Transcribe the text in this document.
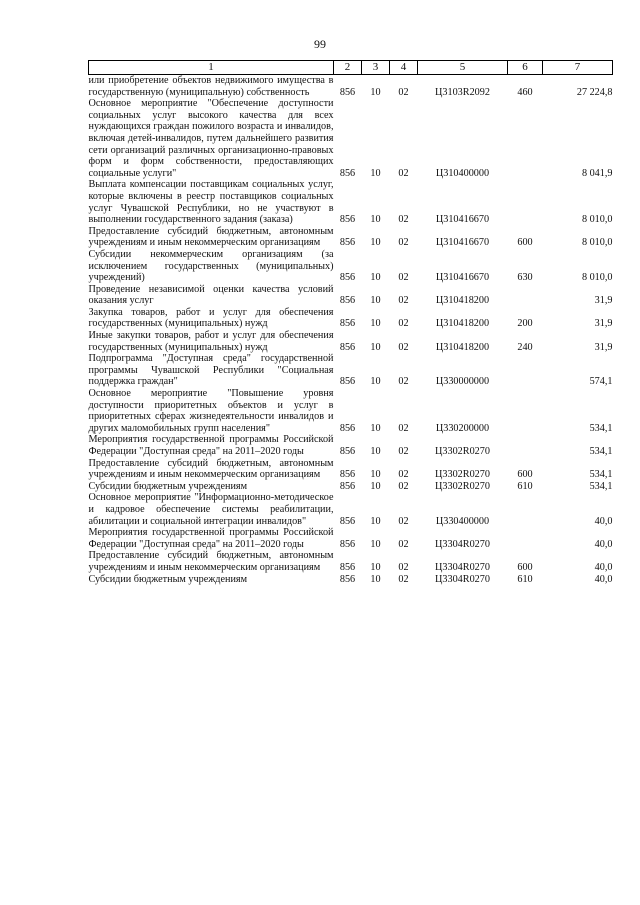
99
1	2	3	4	5	6	7
или приобретение объектов недвижимого имущества в государственную (муниципальную) собственность	856	10	02	Ц3103R2092	460	27 224,8
Основное мероприятие "Обеспечение доступности социальных услуг высокого качества для всех нуждающихся граждан пожилого возраста и инвалидов, включая детей-инвалидов, путем дальнейшего развития сети организаций различных организационно-правовых форм и форм собственности, предоставляющих социальные услуги"	856	10	02	Ц310400000		8 041,9
Выплата компенсации поставщикам социальных услуг, которые включены в реестр поставщиков социальных услуг Чувашской Республики, но не участвуют в выполнении государственного задания (заказа)	856	10	02	Ц310416670		8 010,0
Предоставление субсидий бюджетным, автономным учреждениям и иным некоммерческим организациям	856	10	02	Ц310416670	600	8 010,0
Субсидии некоммерческим организациям (за исключением государственных (муниципальных) учреждений)	856	10	02	Ц310416670	630	8 010,0
Проведение независимой оценки качества условий оказания услуг	856	10	02	Ц310418200		31,9
Закупка товаров, работ и услуг для обеспечения государственных (муниципальных) нужд	856	10	02	Ц310418200	200	31,9
Иные закупки товаров, работ и услуг для обеспечения государственных (муниципальных) нужд	856	10	02	Ц310418200	240	31,9
Подпрограмма "Доступная среда" государственной программы Чувашской Республики "Социальная поддержка граждан"	856	10	02	Ц330000000		574,1
Основное мероприятие "Повышение уровня доступности приоритетных объектов и услуг в приоритетных сферах жизнедеятельности инвалидов и других маломобильных групп населения"	856	10	02	Ц330200000		534,1
Мероприятия государственной программы Российской Федерации "Доступная среда" на 2011–2020 годы	856	10	02	Ц3302R0270		534,1
Предоставление субсидий бюджетным, автономным учреждениям и иным некоммерческим организациям	856	10	02	Ц3302R0270	600	534,1
Субсидии бюджетным учреждениям	856	10	02	Ц3302R0270	610	534,1
Основное мероприятие "Информационно-методическое и кадровое обеспечение системы реабилитации, абилитации и социальной интеграции инвалидов"	856	10	02	Ц330400000		40,0
Мероприятия государственной программы Российской Федерации "Доступная среда" на 2011–2020 годы	856	10	02	Ц3304R0270		40,0
Предоставление субсидий бюджетным, автономным учреждениям и иным некоммерческим организациям	856	10	02	Ц3304R0270	600	40,0
Субсидии бюджетным учреждениям	856	10	02	Ц3304R0270	610	40,0
